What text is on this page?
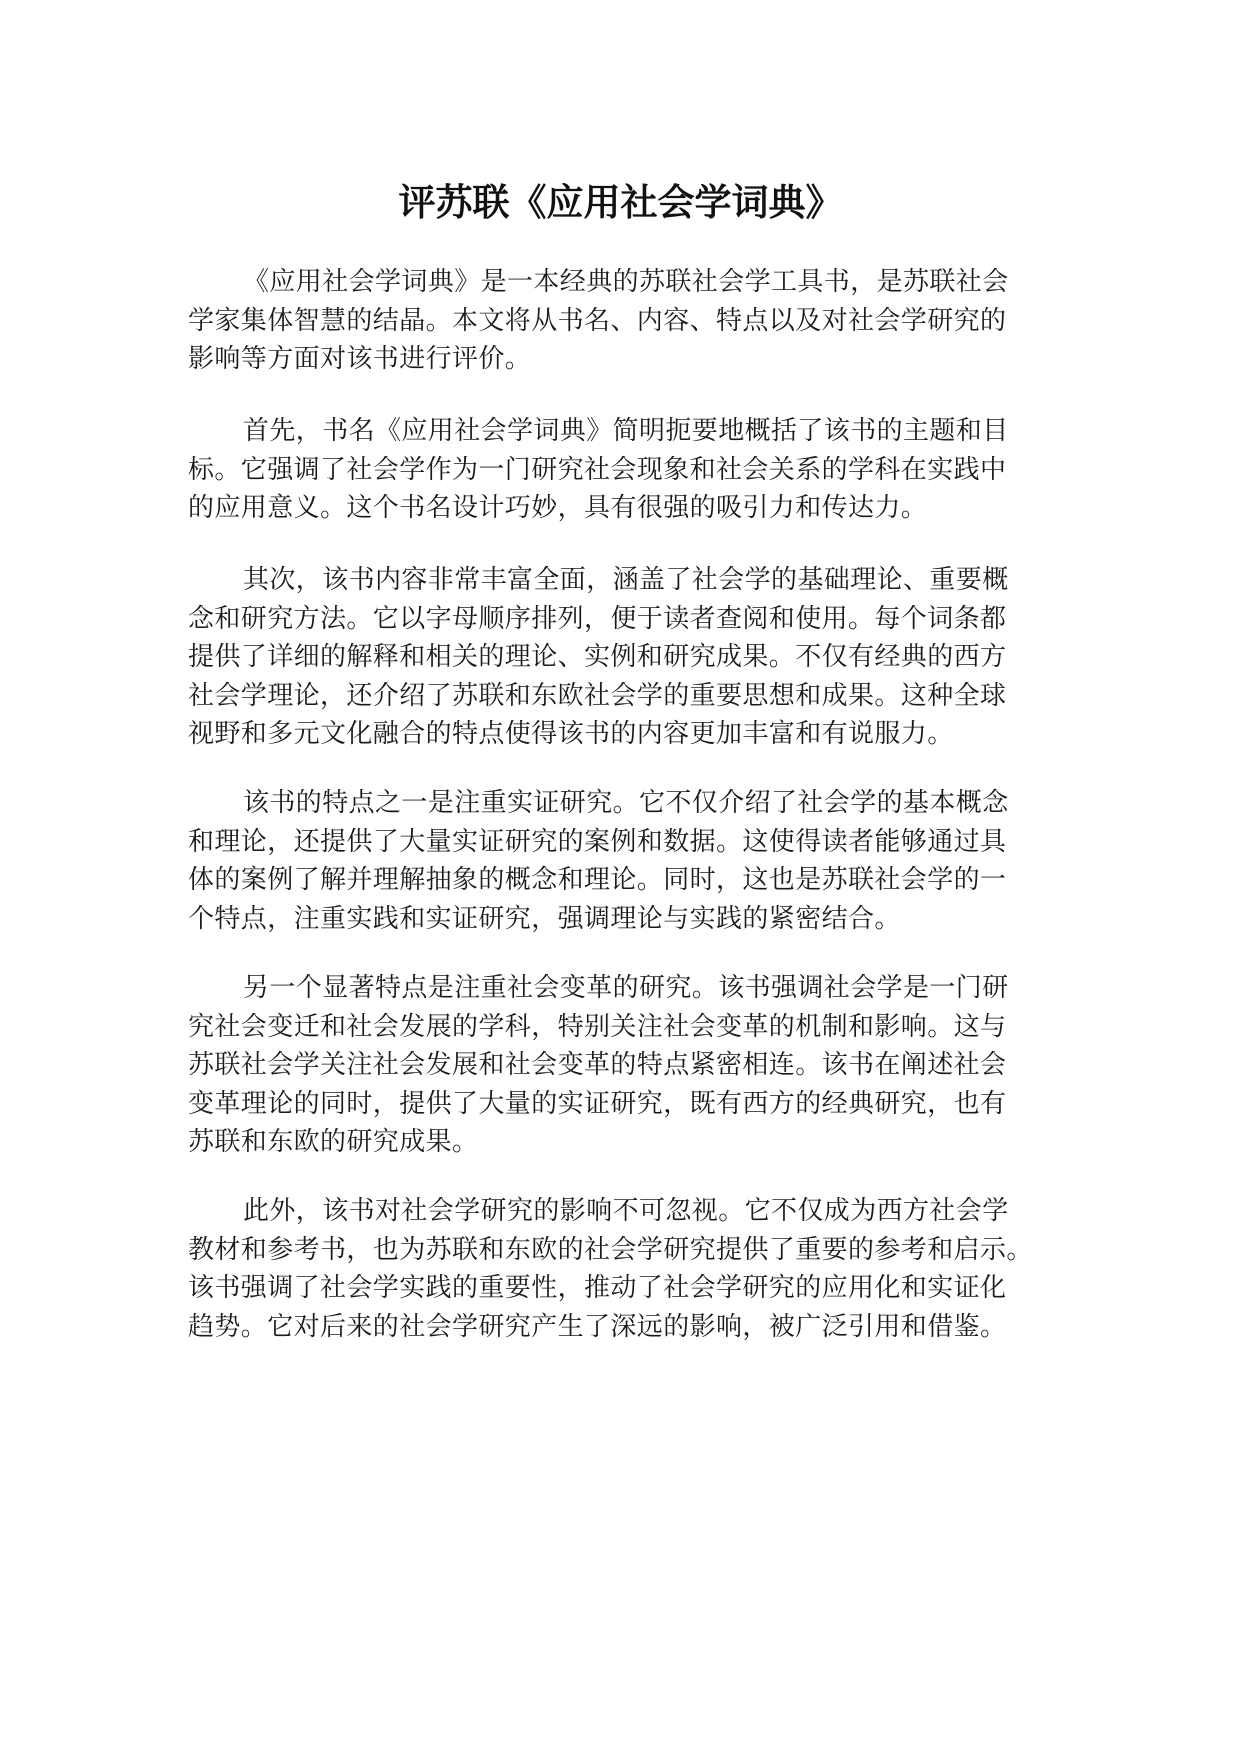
评苏联《应用社会学词典》
《应用社会学词典》是一本经典的苏联社会学工具书，是苏联社会
学家集体智慧的结晶。本文将从书名、内容、特点以及对社会学研究的
影响等方面对该书进行评价。
首先，书名《应用社会学词典》简明扼要地概括了该书的主题和目
标。它强调了社会学作为一门研究社会现象和社会关系的学科在实践中
的应用意义。这个书名设计巧妙，具有很强的吸引力和传达力。
其次，该书内容非常丰富全面，涵盖了社会学的基础理论、重要概
念和研究方法。它以字母顺序排列，便于读者查阅和使用。每个词条都
提供了详细的解释和相关的理论、实例和研究成果。不仅有经典的西方
社会学理论，还介绍了苏联和东欧社会学的重要思想和成果。这种全球
视野和多元文化融合的特点使得该书的内容更加丰富和有说服力。
该书的特点之一是注重实证研究。它不仅介绍了社会学的基本概念
和理论，还提供了大量实证研究的案例和数据。这使得读者能够通过具
体的案例了解并理解抽象的概念和理论。同时，这也是苏联社会学的一
个特点，注重实践和实证研究，强调理论与实践的紧密结合。
另一个显著特点是注重社会变革的研究。该书强调社会学是一门研
究社会变迁和社会发展的学科，特别关注社会变革的机制和影响。这与
苏联社会学关注社会发展和社会变革的特点紧密相连。该书在阐述社会
变革理论的同时，提供了大量的实证研究，既有西方的经典研究，也有
苏联和东欧的研究成果。
此外，该书对社会学研究的影响不可忽视。它不仅成为西方社会学
教材和参考书，也为苏联和东欧的社会学研究提供了重要的参考和启示。
该书强调了社会学实践的重要性，推动了社会学研究的应用化和实证化
趋势。它对后来的社会学研究产生了深远的影响，被广泛引用和借鉴。
